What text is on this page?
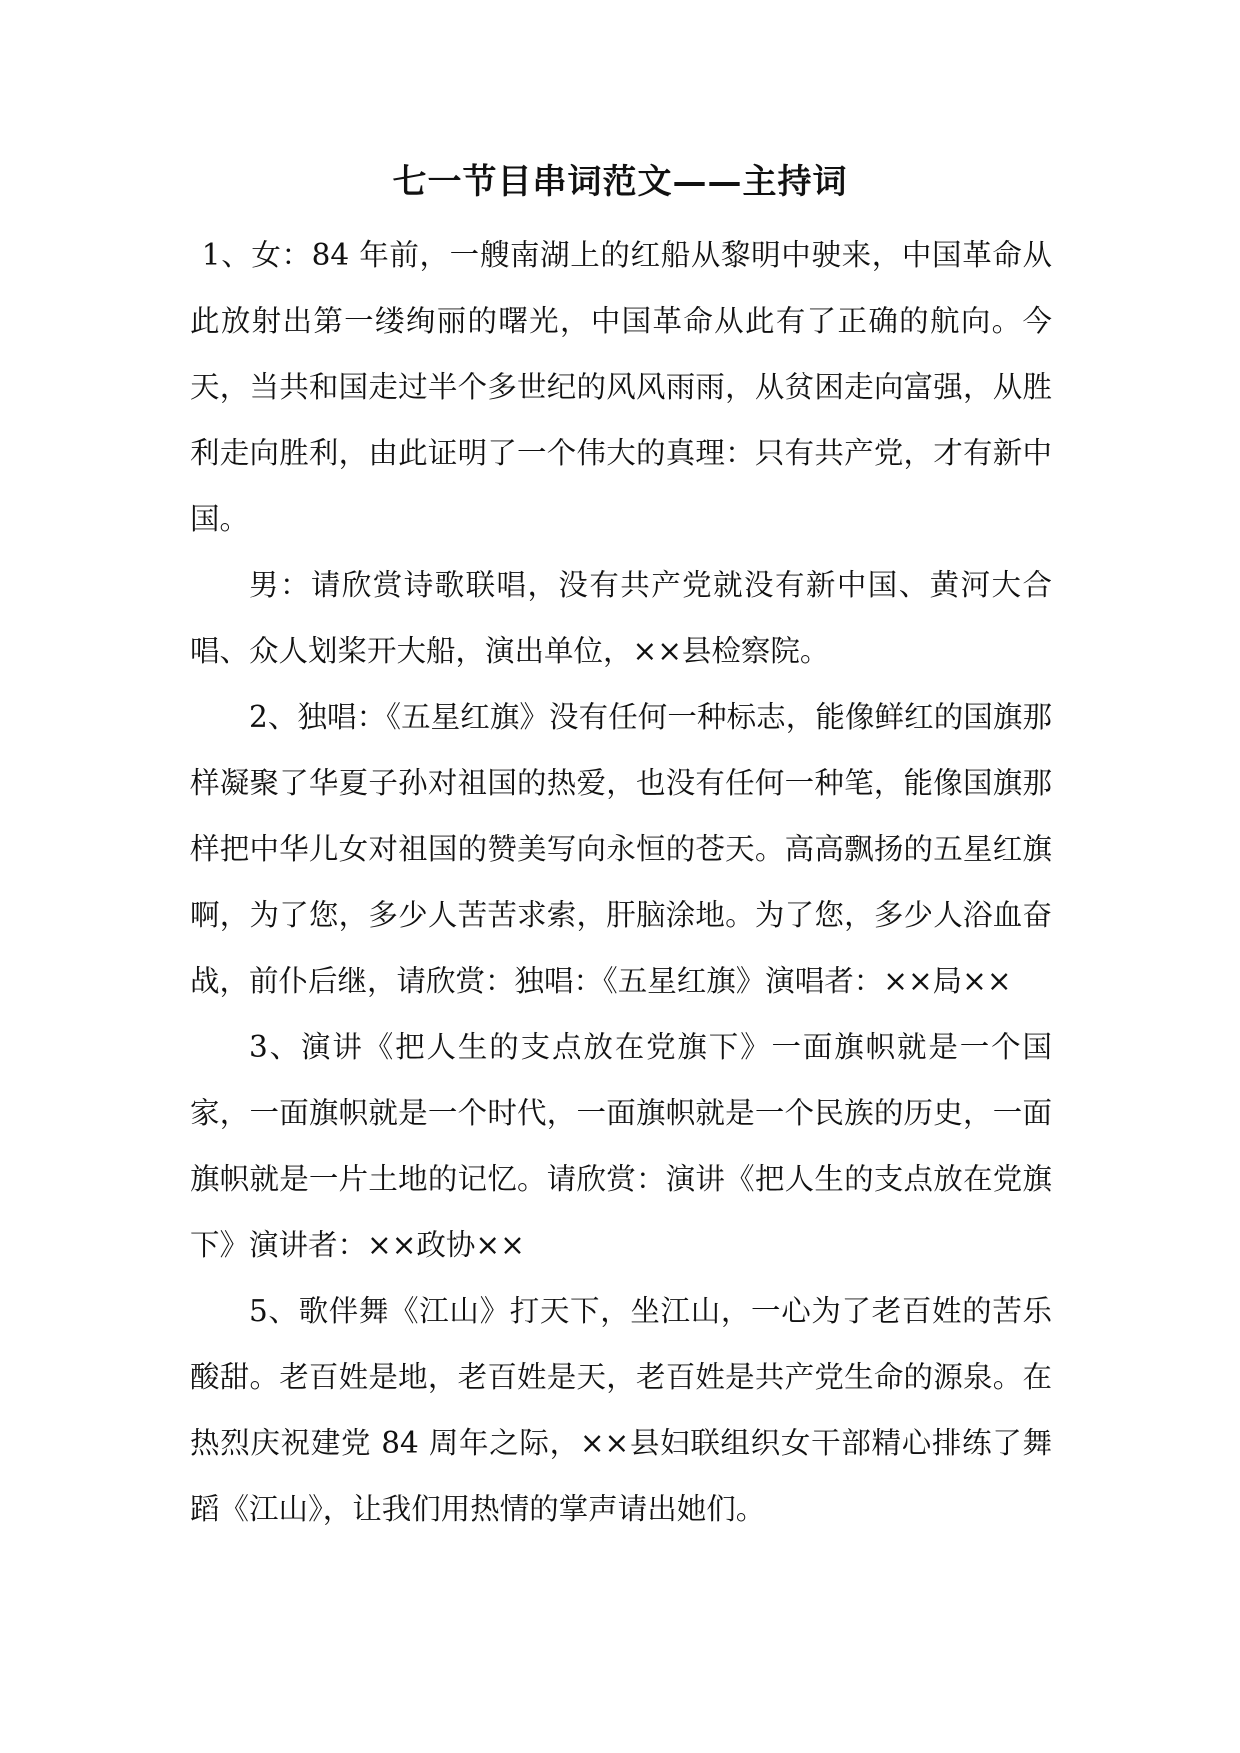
七一节目串词范文——主持词

1、女：84 年前，一艘南湖上的红船从黎明中驶来，中国革命从此放射出第一缕绚丽的曙光，中国革命从此有了正确的航向。今天，当共和国走过半个多世纪的风风雨雨，从贫困走向富强，从胜利走向胜利，由此证明了一个伟大的真理：只有共产党，才有新中国。

男：请欣赏诗歌联唱，没有共产党就没有新中国、黄河大合唱、众人划桨开大船，演出单位，××县检察院。

2、独唱：《五星红旗》没有任何一种标志，能像鲜红的国旗那样凝聚了华夏子孙对祖国的热爱，也没有任何一种笔，能像国旗那样把中华儿女对祖国的赞美写向永恒的苍天。高高飘扬的五星红旗啊，为了您，多少人苦苦求索，肝脑涂地。为了您，多少人浴血奋战，前仆后继，请欣赏：独唱：《五星红旗》演唱者：××局××

3、演讲《把人生的支点放在党旗下》一面旗帜就是一个国家，一面旗帜就是一个时代，一面旗帜就是一个民族的历史，一面旗帜就是一片土地的记忆。请欣赏：演讲《把人生的支点放在党旗下》演讲者：××政协××

5、歌伴舞《江山》打天下，坐江山，一心为了老百姓的苦乐酸甜。老百姓是地，老百姓是天，老百姓是共产党生命的源泉。在热烈庆祝建党 84 周年之际，××县妇联组织女干部精心排练了舞蹈《江山》，让我们用热情的掌声请出她们。
